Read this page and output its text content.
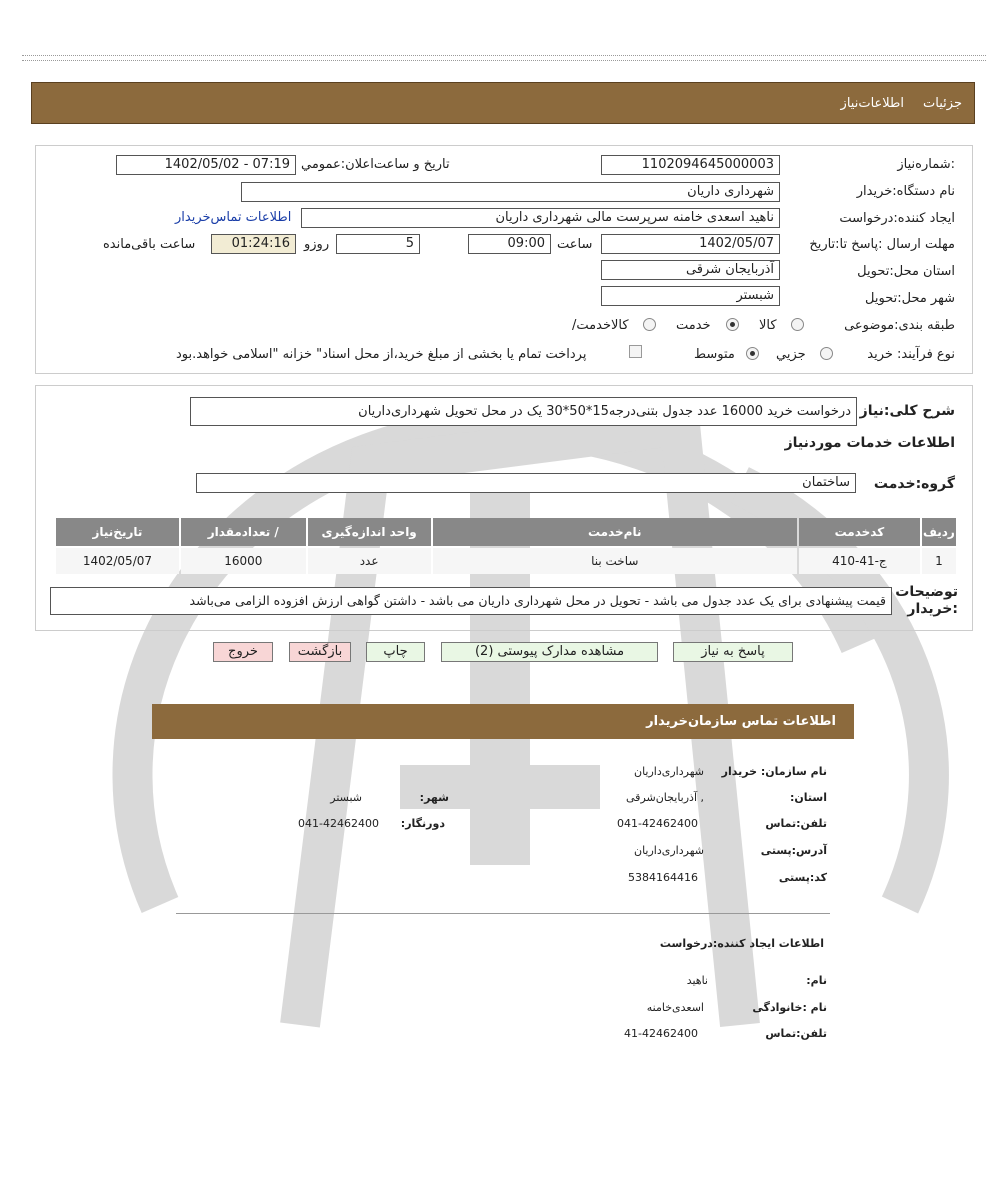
جزئیات
اطلاعات‌نیاز
شماره‌نیاز:
1102094645000003
تاریخ و ساعت‌اعلان:عمومي
1402/05/02 - 07:19
نام دستگاه:خریدار
شهرداری داریان
ایجاد کننده:درخواست
ناهید اسعدی خامنه سرپرست مالی شهرداری داریان
اطلاعات تماس‌خریدار
مهلت ارسال :پاسخ تا:تاریخ
1402/05/07
ساعت
09:00
5
روزو
01:24:16
ساعت باقی‌مانده
استان محل:تحویل
آذربایجان شرقی
شهر محل:تحویل
شبستر
طبقه بندی:موضوعی
کالا
خدمت
/کالاخدمت
نوع فرآیند: خرید
جزیي
متوسط
پرداخت تمام یا بخشی از مبلغ خرید،از محل اسناد" خزانه "اسلامی خواهد.بود
شرح کلی:نیاز
درخواست خرید 16000 عدد جدول بتنی‌درجه15*50*30 یک در محل تحویل شهرداری‌داریان
اطلاعات خدمات موردنیاز
گروه:خدمت
ساختمان
ردیف	کدخدمت	نام‌خدمت	واحد اندازه‌گیری	/ تعدادمقدار	تاریخ‌نیاز
1	ج-41-410	ساخت بنا	عدد	16000	1402/05/07
توضیحات :خریدار
قیمت پیشنهادی برای یک عدد جدول می باشد - تحویل در محل شهرداری داریان می باشد - داشتن گواهی ارزش افزوده الزامی می‌باشد
پاسخ به نیاز
مشاهده مدارک پیوستی (2)
چاپ
بازگشت
خروج
اطلاعات تماس سازمان‌خریدار
نام سازمان: خریدار
شهرداری‌داریان
:استان
آذربایجان‌شرقی ,
:شهر
شبستر
تلفن:تماس
041-42462400
:دورنگار
041-42462400
آدرس:پستی
شهرداری‌داریان
کد:پستی
5384164416
اطلاعات ایجاد کننده:درخواست
:نام
ناهید
نام :خانوادگی
اسعدی‌خامنه
تلفن:تماس
41-42462400
